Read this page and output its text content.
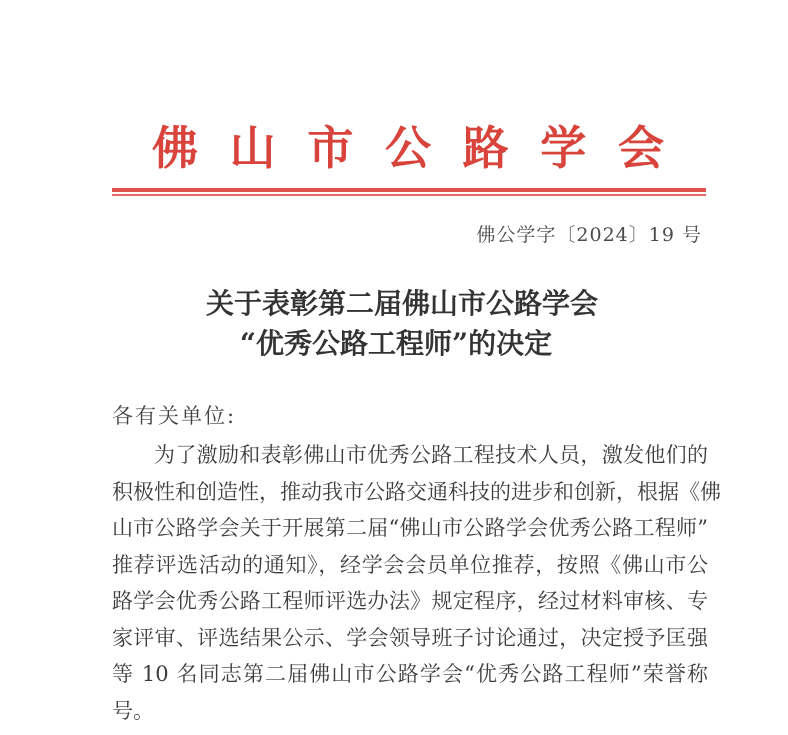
佛 山 市 公 路 学 会
佛公学字〔2024〕19 号
关于表彰第二届佛山市公路学会
“优秀公路工程师”的决定
各有关单位:
为了激励和表彰佛山市优秀公路工程技术人员，激发他们的
积极性和创造性，推动我市公路交通科技的进步和创新，根据《佛
山市公路学会关于开展第二届“佛山市公路学会优秀公路工程师”
推荐评选活动的通知》，经学会会员单位推荐，按照《佛山市公
路学会优秀公路工程师评选办法》规定程序，经过材料审核、专
家评审、评选结果公示、学会领导班子讨论通过，决定授予匡强
等 10 名同志第二届佛山市公路学会“优秀公路工程师”荣誉称
号。
